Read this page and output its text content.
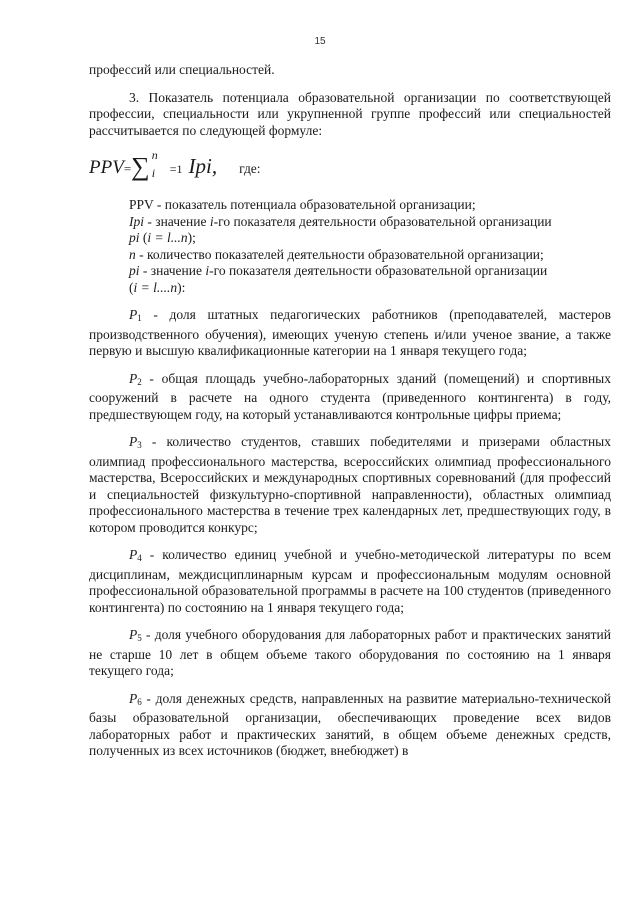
15

профессий или специальностей.

3. Показатель потенциала образовательной организации по соответствующей профессии, специальности или укрупненной группе профессий или специальностей рассчитывается по следующей формуле:

PPV=∑ n
i =1 Ipi, где:

PPV - показатель потенциала образовательной организации;

Ipi - значение i-го показателя деятельности образовательной организации

pi (i = l...n);

n - количество показателей деятельности образовательной организации;

pi - значение i-го показателя деятельности образовательной организации

(i = l....n):

$P_1$ - доля штатных педагогических работников (преподавателей, мастеров производственного обучения), имеющих ученую степень и/или ученое звание, а также первую и высшую квалификационные категории на 1 января текущего года;

$P_2$ - общая площадь учебно-лабораторных зданий (помещений) и спортивных сооружений в расчете на одного студента (приведенного контингента) в году, предшествующем году, на который устанавливаются контрольные цифры приема;

$P_3$ - количество студентов, ставших победителями и призерами областных олимпиад профессионального мастерства, всероссийских олимпиад профессионального мастерства, Всероссийских и международных спортивных соревнований (для профессий и специальностей физкультурно-спортивной направленности), областных олимпиад профессионального мастерства в течение трех календарных лет, предшествующих году, в котором проводится конкурс;

$P_4$ - количество единиц учебной и учебно-методической литературы по всем дисциплинам, междисциплинарным курсам и профессиональным модулям основной профессиональной образовательной программы в расчете на 100 студентов (приведенного контингента) по состоянию на 1 января текущего года;

$P_5$ - доля учебного оборудования для лабораторных работ и практических занятий не старше 10 лет в общем объеме такого оборудования по состоянию на 1 января текущего года;

$P_6$ - доля денежных средств, направленных на развитие материально-технической базы образовательной организации, обеспечивающих проведение всех видов лабораторных работ и практических занятий, в общем объеме денежных средств, полученных из всех источников (бюджет, внебюджет) в
